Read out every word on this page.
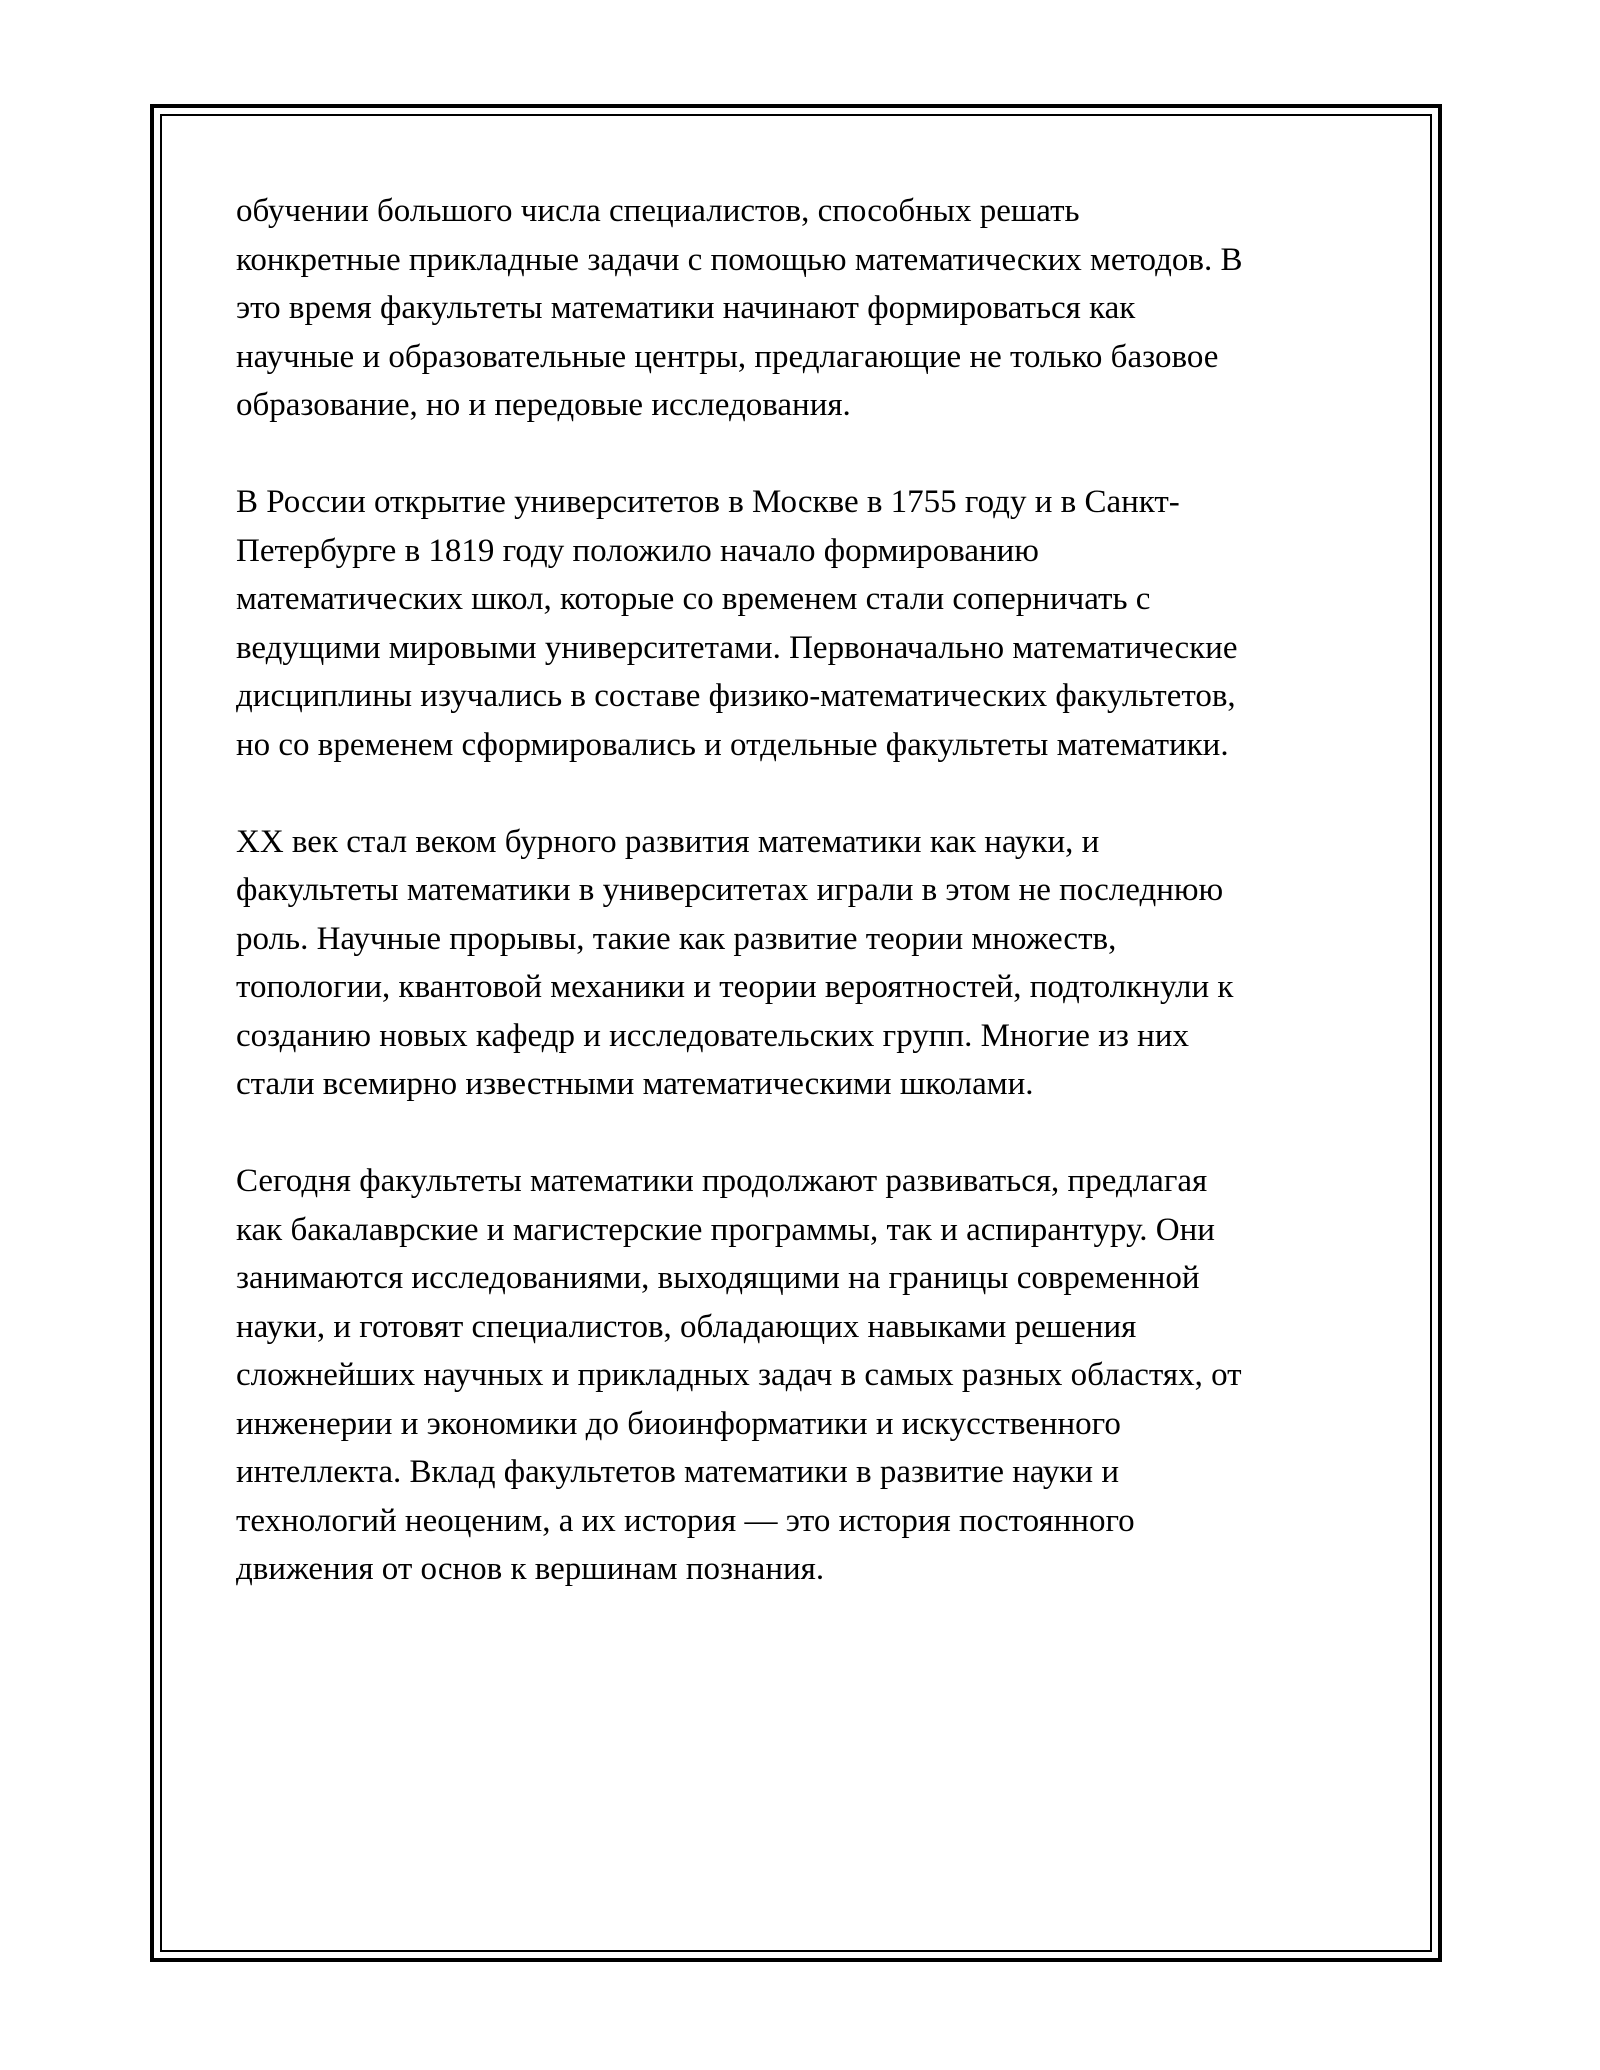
обучении большого числа специалистов, способных решать
конкретные прикладные задачи с помощью математических методов. В
это время факультеты математики начинают формироваться как
научные и образовательные центры, предлагающие не только базовое
образование, но и передовые исследования.

В России открытие университетов в Москве в 1755 году и в Санкт-
Петербурге в 1819 году положило начало формированию
математических школ, которые со временем стали соперничать с
ведущими мировыми университетами. Первоначально математические
дисциплины изучались в составе физико-математических факультетов,
но со временем сформировались и отдельные факультеты математики.

XX век стал веком бурного развития математики как науки, и
факультеты математики в университетах играли в этом не последнюю
роль. Научные прорывы, такие как развитие теории множеств,
топологии, квантовой механики и теории вероятностей, подтолкнули к
созданию новых кафедр и исследовательских групп. Многие из них
стали всемирно известными математическими школами.

Сегодня факультеты математики продолжают развиваться, предлагая
как бакалаврские и магистерские программы, так и аспирантуру. Они
занимаются исследованиями, выходящими на границы современной
науки, и готовят специалистов, обладающих навыками решения
сложнейших научных и прикладных задач в самых разных областях, от
инженерии и экономики до биоинформатики и искусственного
интеллекта. Вклад факультетов математики в развитие науки и
технологий неоценим, а их история — это история постоянного
движения от основ к вершинам познания.
